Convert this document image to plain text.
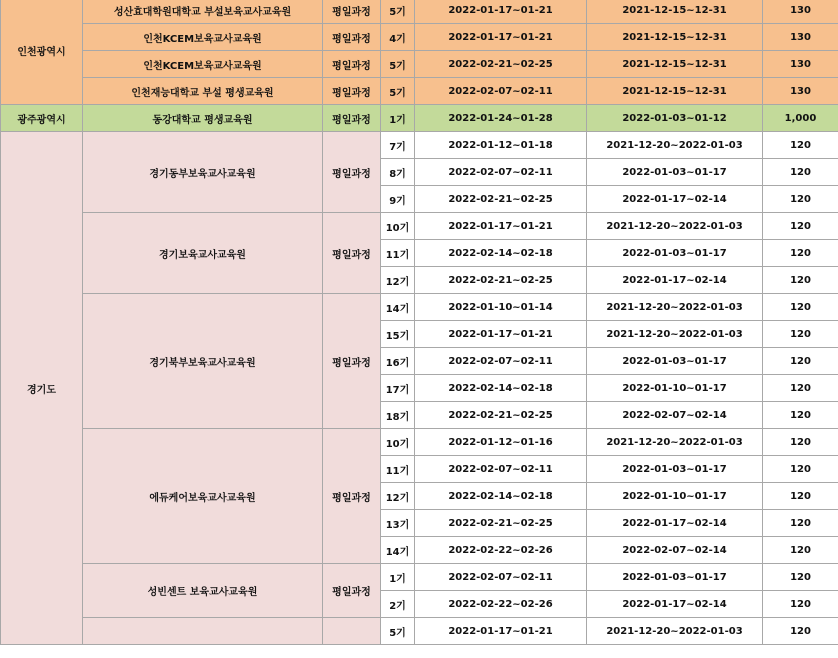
인천광역시	성산효대학원대학교 부설보육교사교육원	평일과정	5기	2022-01-17~01-21	2021-12-15~12-31	130
	인천KCEM보육교사교육원	평일과정	4기	2022-01-17~01-21	2021-12-15~12-31	130
	인천KCEM보육교사교육원	평일과정	5기	2022-02-21~02-25	2021-12-15~12-31	130
	인천재능대학교 부설 평생교육원	평일과정	5기	2022-02-07~02-11	2021-12-15~12-31	130
광주광역시	동강대학교 평생교육원	평일과정	1기	2022-01-24~01-28	2022-01-03~01-12	1,000
경기도	경기동부보육교사교육원	평일과정	7기	2022-01-12~01-18	2021-12-20~2022-01-03	120
			8기	2022-02-07~02-11	2022-01-03~01-17	120
			9기	2022-02-21~02-25	2022-01-17~02-14	120
	경기보육교사교육원	평일과정	10기	2022-01-17~01-21	2021-12-20~2022-01-03	120
			11기	2022-02-14~02-18	2022-01-03~01-17	120
			12기	2022-02-21~02-25	2022-01-17~02-14	120
	경기북부보육교사교육원	평일과정	14기	2022-01-10~01-14	2021-12-20~2022-01-03	120
			15기	2022-01-17~01-21	2021-12-20~2022-01-03	120
			16기	2022-02-07~02-11	2022-01-03~01-17	120
			17기	2022-02-14~02-18	2022-01-10~01-17	120
			18기	2022-02-21~02-25	2022-02-07~02-14	120
	에듀케어보육교사교육원	평일과정	10기	2022-01-12~01-16	2021-12-20~2022-01-03	120
			11기	2022-02-07~02-11	2022-01-03~01-17	120
			12기	2022-02-14~02-18	2022-01-10~01-17	120
			13기	2022-02-21~02-25	2022-01-17~02-14	120
			14기	2022-02-22~02-26	2022-02-07~02-14	120
	성빈센트 보육교사교육원	평일과정	1기	2022-02-07~02-11	2022-01-03~01-17	120
			2기	2022-02-22~02-26	2022-01-17~02-14	120
			5기	2022-01-17~01-21	2021-12-20~2022-01-03	120
